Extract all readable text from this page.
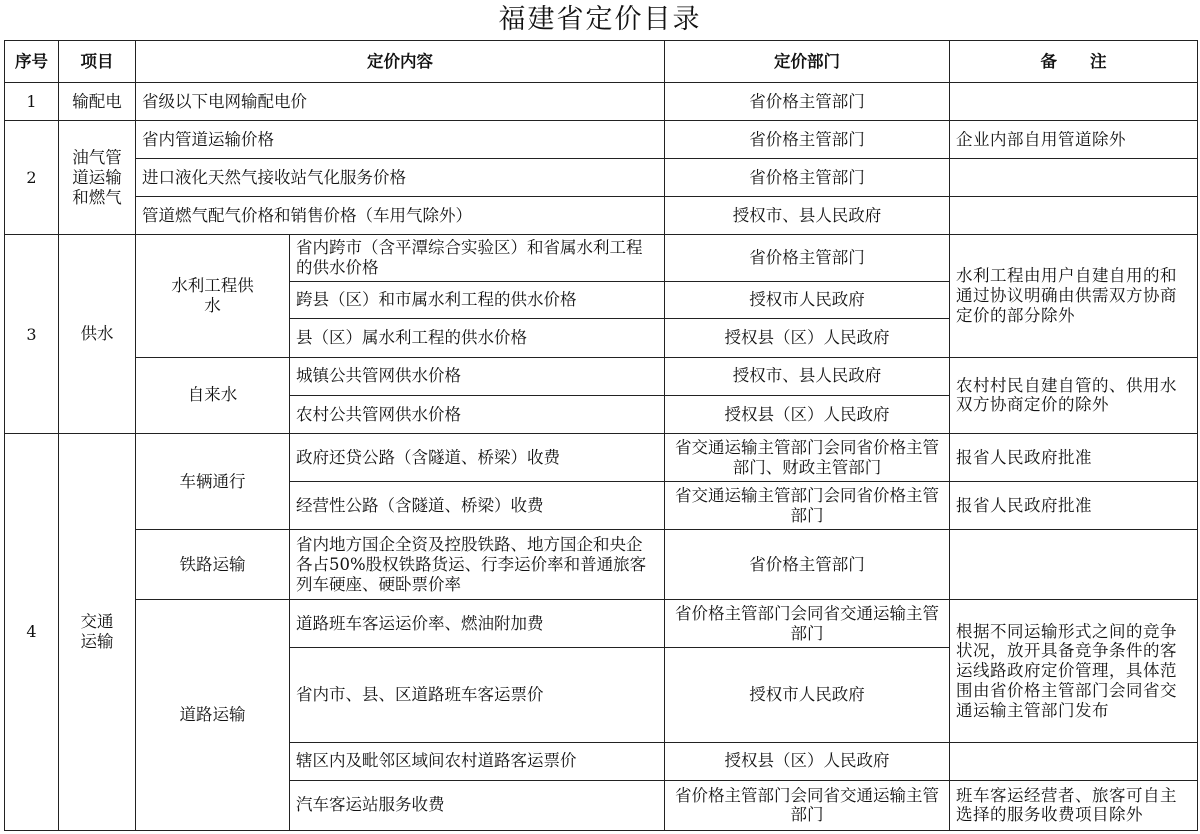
福建省定价目录
序号	项目	定价内容		定价部门	备　　注
1	输配电	省级以下电网输配电价		省价格主管部门	
2	油气管道运输和燃气	省内管道运输价格		省价格主管部门	企业内部自用管道除外
		进口液化天然气接收站气化服务价格		省价格主管部门	
		管道燃气配气价格和销售价格（车用气除外）		授权市、县人民政府	
3	供水	水利工程供水	省内跨市（含平潭综合实验区）和省属水利工程的供水价格	省价格主管部门	水利工程由用户自建自用的和通过协议明确由供需双方协商定价的部分除外
			跨县（区）和市属水利工程的供水价格	授权市人民政府	
			县（区）属水利工程的供水价格	授权县（区）人民政府	
		自来水	城镇公共管网供水价格	授权市、县人民政府	农村村民自建自管的、供用水双方协商定价的除外
			农村公共管网供水价格	授权县（区）人民政府	
4	交通运输	车辆通行	政府还贷公路（含隧道、桥梁）收费	省交通运输主管部门会同省价格主管部门、财政主管部门	报省人民政府批准
			经营性公路（含隧道、桥梁）收费	省交通运输主管部门会同省价格主管部门	报省人民政府批准
		铁路运输	省内地方国企全资及控股铁路、地方国企和央企各占50%股权铁路货运、行李运价率和普通旅客列车硬座、硬卧票价率	省价格主管部门	
		道路运输	道路班车客运运价率、燃油附加费	省价格主管部门会同省交通运输主管部门	根据不同运输形式之间的竞争状况，放开具备竞争条件的客运线路政府定价管理，具体范围由省价格主管部门会同省交通运输主管部门发布
			省内市、县、区道路班车客运票价	授权市人民政府	
			辖区内及毗邻区域间农村道路客运票价	授权县（区）人民政府	
			汽车客运站服务收费	省价格主管部门会同省交通运输主管部门	班车客运经营者、旅客可自主选择的服务收费项目除外
